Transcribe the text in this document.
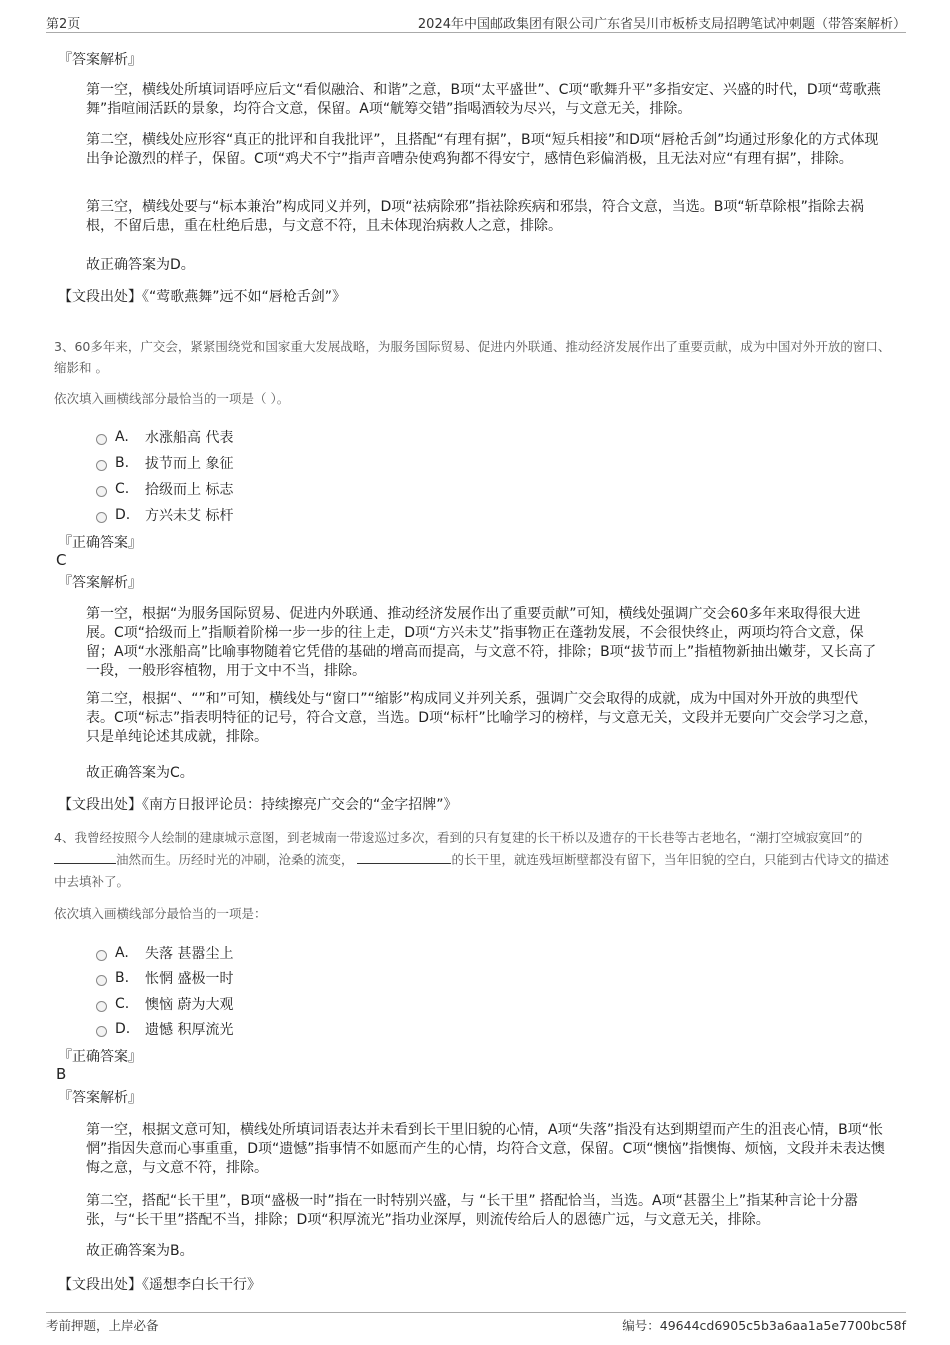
第2页	2024年中国邮政集团有限公司广东省吴川市板桥支局招聘笔试冲刺题（带答案解析）
『答案解析』
第一空，横线处所填词语呼应后文“看似融洽、和谐”之意，B项“太平盛世”、C项“歌舞升平”多指安定、兴盛的时代，D项“莺歌燕舞”指喧闹活跃的景象，均符合文意，保留。A项“觥筹交错”指喝酒较为尽兴，与文意无关，排除。
第二空，横线处应形容“真正的批评和自我批评”，且搭配“有理有据”，B项“短兵相接”和D项“唇枪舌剑”均通过形象化的方式体现出争论激烈的样子，保留。C项“鸡犬不宁”指声音嘈杂使鸡狗都不得安宁，感情色彩偏消极，且无法对应“有理有据”，排除。
第三空，横线处要与“标本兼治”构成同义并列，D项“祛病除邪”指祛除疾病和邪祟，符合文意，当选。B项“斩草除根”指除去祸根，不留后患，重在杜绝后患，与文意不符，且未体现治病救人之意，排除。
故正确答案为D。
【文段出处】《“莺歌燕舞”远不如“唇枪舌剑”》
3、60多年来，广交会，紧紧围绕党和国家重大发展战略，为服务国际贸易、促进内外联通、推动经济发展作出了重要贡献，成为中国对外开放的窗口、缩影和 。
依次填入画横线部分最恰当的一项是（ ）。
A.	水涨船高 代表
B.	拔节而上 象征
C.	拾级而上 标志
D.	方兴未艾 标杆
『正确答案』
C
『答案解析』
第一空，根据“为服务国际贸易、促进内外联通、推动经济发展作出了重要贡献”可知，横线处强调广交会60多年来取得很大进展。C项“拾级而上”指顺着阶梯一步一步的往上走，D项“方兴未艾”指事物正在蓬勃发展，不会很快终止，两项均符合文意，保留；A项“水涨船高”比喻事物随着它凭借的基础的增高而提高，与文意不符，排除；B项“拔节而上”指植物新抽出嫩芽，又长高了一段，一般形容植物，用于文中不当，排除。
第二空，根据“、“”和”可知，横线处与“窗口”“缩影”构成同义并列关系，强调广交会取得的成就，成为中国对外开放的典型代表。C项“标志”指表明特征的记号，符合文意，当选。D项“标杆”比喻学习的榜样，与文意无关，文段并无要向广交会学习之意，只是单纯论述其成就，排除。
故正确答案为C。
【文段出处】《南方日报评论员：持续擦亮广交会的“金字招牌”》
4、我曾经按照今人绘制的建康城示意图，到老城南一带逡巡过多次，看到的只有复建的长干桥以及遗存的干长巷等古老地名，“潮打空城寂寞回”的 油然而生。历经时光的冲刷，沧桑的流变，	的长干里，就连残垣断壁都没有留下，当年旧貌的空白，只能到古代诗文的描述中去填补了。
依次填入画横线部分最恰当的一项是：
A.	失落 甚嚣尘上
B.	怅惘 盛极一时
C.	懊恼 蔚为大观
D.	遗憾 积厚流光
『正确答案』
B
『答案解析』
第一空，根据文意可知，横线处所填词语表达并未看到长干里旧貌的心情，A项“失落”指没有达到期望而产生的沮丧心情，B项“怅惘”指因失意而心事重重，D项“遗憾”指事情不如愿而产生的心情，均符合文意，保留。C项“懊恼”指懊悔、烦恼，文段并未表达懊悔之意，与文意不符，排除。
第二空，搭配“长干里”，B项“盛极一时”指在一时特别兴盛，与 “长干里” 搭配恰当，当选。A项“甚嚣尘上”指某种言论十分嚣张，与“长干里”搭配不当，排除；D项“积厚流光”指功业深厚，则流传给后人的恩德广远，与文意无关，排除。
故正确答案为B。
【文段出处】《遥想李白长干行》
考前押题，上岸必备	编号：49644cd6905c5b3a6aa1a5e7700bc58f
